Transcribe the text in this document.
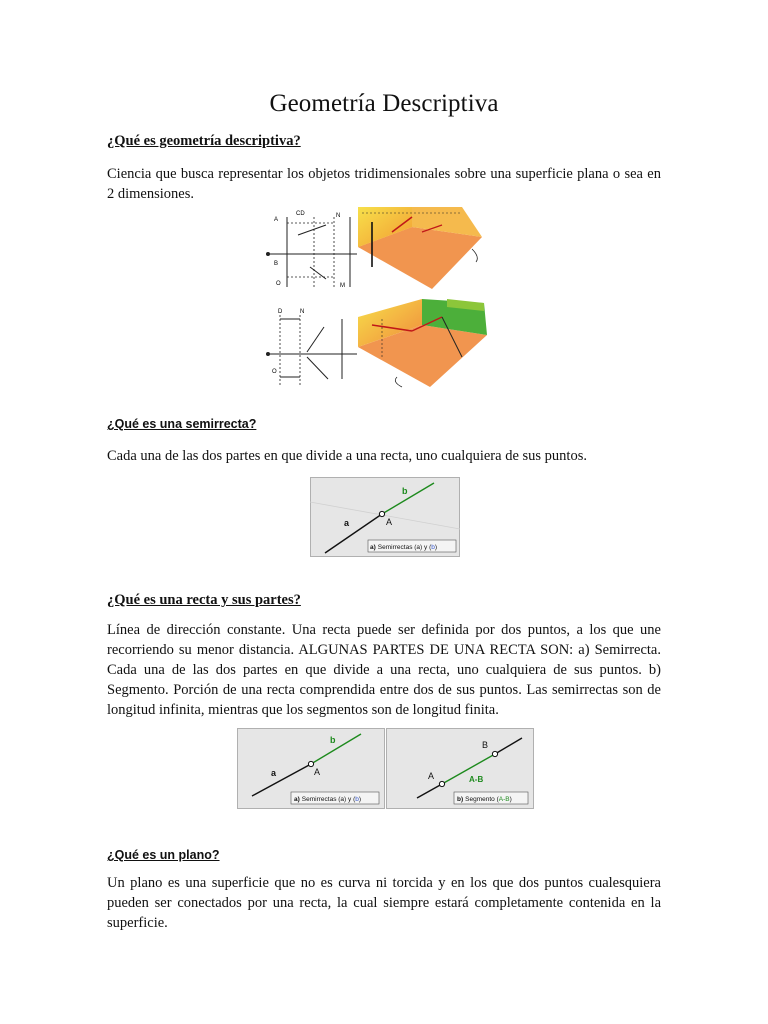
Geometría Descriptiva

¿Qué es geometría descriptiva?

Ciencia que busca representar los objetos tridimensionales sobre una superficie plana o sea en 2 dimensiones.

A
CD	N
B
O	M
D	N
O

¿Qué es una semirrecta?

Cada una de las dos partes en que divide a una recta, uno cualquiera de sus puntos.

a
b
A
a) Semirrectas (a) y (b)

¿Qué es una recta y sus partes?

Línea de dirección constante. Una recta puede ser definida por dos puntos, a los que une recorriendo su menor distancia. ALGUNAS PARTES DE UNA RECTA SON: a) Semirrecta. Cada una de las dos partes en que divide a una recta, uno cualquiera de sus puntos. b) Segmento. Porción de una recta comprendida entre dos de sus puntos. Las semirrectas son de longitud infinita, mientras que los segmentos son de longitud finita.

a
b
A
a) Semirrectas (a) y (b)
A
B
A-B
b) Segmento (A-B)

¿Qué es un plano?

Un plano es una superficie que no es curva ni torcida y en los que dos puntos cualesquiera pueden ser conectados por una recta, la cual siempre estará completamente contenida en la superficie.
